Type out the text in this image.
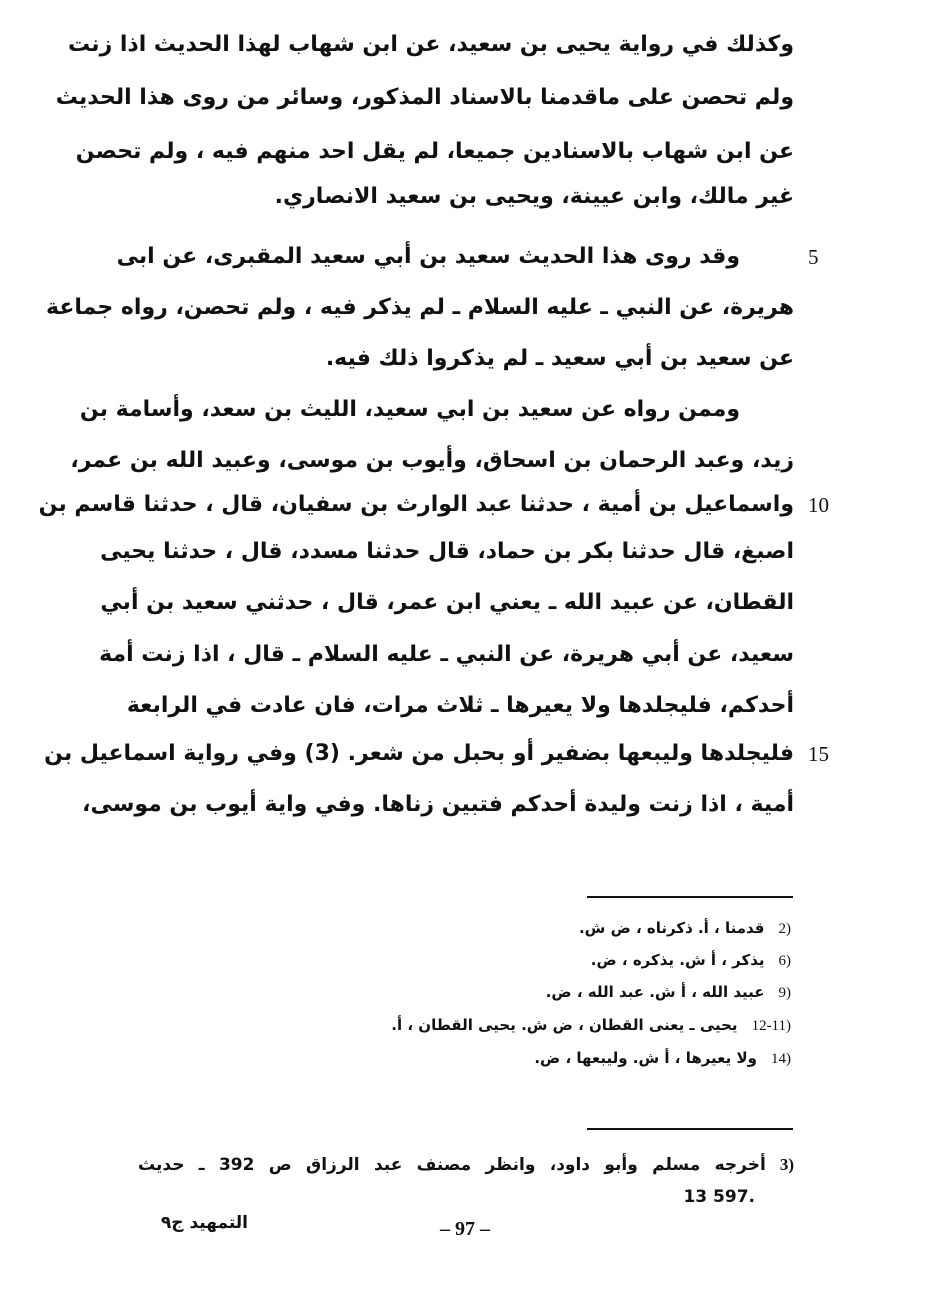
وكذلك في رواية يحيى بن سعيد، عن ابن شهاب لهذا الحديث اذا زنت
ولم تحصن على ماقدمنا بالاسناد المذكور، وسائر من روى هذا الحديث
عن ابن شهاب بالاسنادين جميعا، لم يقل احد منهم فيه ، ولم تحصن
غير مالك، وابن عيينة، ويحيى بن سعيد الانصاري.
وقد روى هذا الحديث سعيد بن أبي سعيد المقبرى، عن ابى	5
هريرة، عن النبي ـ عليه السلام ـ لم يذكر فيه ، ولم تحصن، رواه جماعة
عن سعيد بن أبي سعيد ـ لم يذكروا ذلك فيه.
وممن رواه عن سعيد بن ابي سعيد، الليث بن سعد، وأسامة بن
زيد، وعبد الرحمان بن اسحاق، وأيوب بن موسى، وعبيد الله بن عمر،
واسماعيل بن أمية ، حدثنا عبد الوارث بن سفيان، قال ، حدثنا قاسم بن 10
اصبغ، قال حدثنا بكر بن حماد، قال حدثنا مسدد، قال ، حدثنا يحيى
القطان، عن عبيد الله ـ يعني ابن عمر، قال ، حدثني سعيد بن أبي
سعيد، عن أبي هريرة، عن النبي ـ عليه السلام ـ قال ، اذا زنت أمة
أحدكم، فليجلدها ولا يعيرها ـ ثلاث مرات، فان عادت في الرابعة
فليجلدها وليبعها بضفير أو بحبل من شعر. (3) وفي رواية اسماعيل بن 15
أمية ، اذا زنت وليدة أحدكم فتبين زناها. وفي واية أيوب بن موسى،
2)قدمنا ، أ. ذكرناه ، ض ش.
6)يذكر ، أ ش. يذكره ، ض.
9)عبيد الله ، أ ش. عبد الله ، ض.
12-11)يحيى ـ يعنى القطان ، ض ش. يحيى القطان ، أ.
14)ولا يعيرها ، أ ش. وليبعها ، ض.
3)أخرجه مسلم وأبو داود، وانظر مصنف عبد الرزاق ص 392 ـ حديث
13 597.
– 97 –
التمهيد ج٩
